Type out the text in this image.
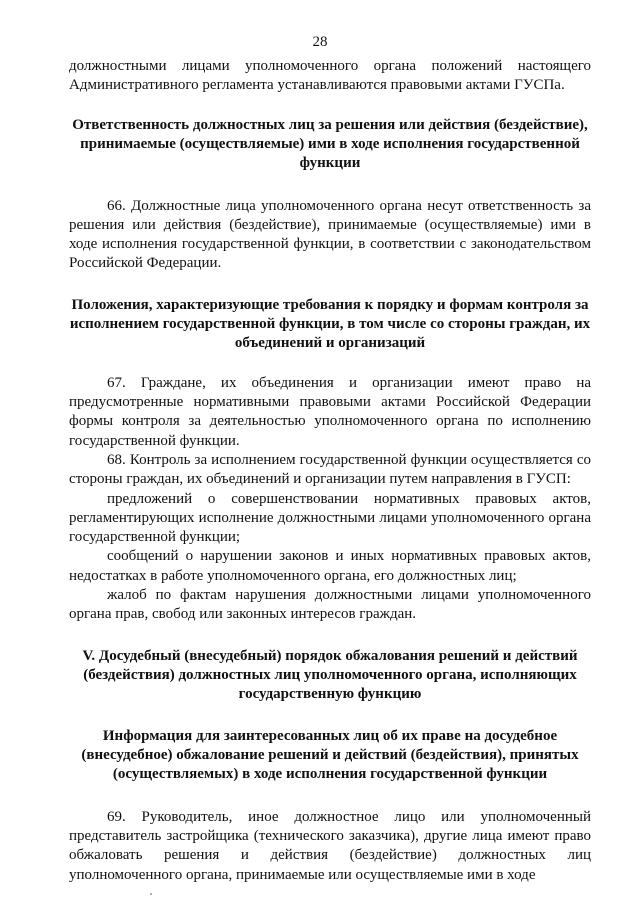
28

должностными лицами уполномоченного органа положений настоящего Административного регламента устанавливаются правовыми актами ГУСПа.

Ответственность должностных лиц за решения или действия (бездействие), принимаемые (осуществляемые) ими в ходе исполнения государственной функции

66. Должностные лица уполномоченного органа несут ответственность за решения или действия (бездействие), принимаемые (осуществляемые) ими в ходе исполнения государственной функции, в соответствии с законодательством Российской Федерации.

Положения, характеризующие требования к порядку и формам контроля за исполнением государственной функции, в том числе со стороны граждан, их объединений и организаций

67. Граждане, их объединения и организации имеют право на предусмотренные нормативными правовыми актами Российской Федерации формы контроля за деятельностью уполномоченного органа по исполнению государственной функции.

68. Контроль за исполнением государственной функции осуществляется со стороны граждан, их объединений и организации путем направления в ГУСП:

предложений о совершенствовании нормативных правовых актов, регламентирующих исполнение должностными лицами уполномоченного органа государственной функции;

сообщений о нарушении законов и иных нормативных правовых актов, недостатках в работе уполномоченного органа, его должностных лиц;

жалоб по фактам нарушения должностными лицами уполномоченного органа прав, свобод или законных интересов граждан.

V. Досудебный (внесудебный) порядок обжалования решений и действий (бездействия) должностных лиц уполномоченного органа, исполняющих государственную функцию

Информация для заинтересованных лиц об их праве на досудебное (внесудебное) обжалование решений и действий (бездействия), принятых (осуществляемых) в ходе исполнения государственной функции

69. Руководитель, иное должностное лицо или уполномоченный представитель застройщика (технического заказчика), другие лица имеют право обжаловать решения и действия (бездействие) должностных лиц уполномоченного органа, принимаемые или осуществляемые ими в ходе
